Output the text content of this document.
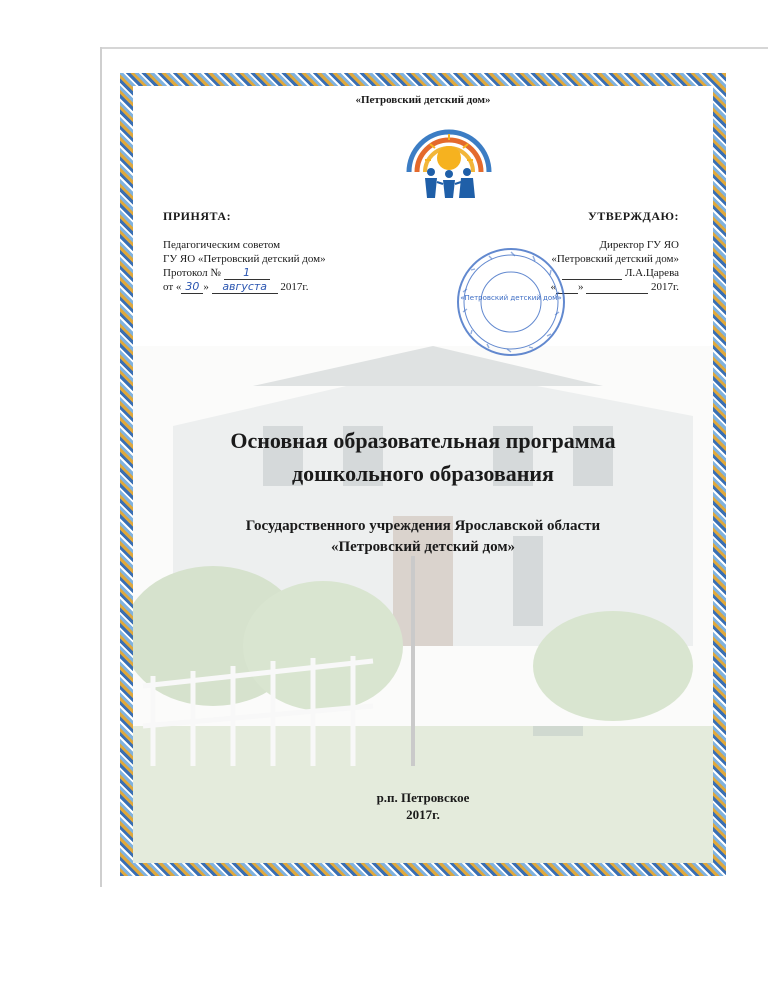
«Петровский детский дом»
ПРИНЯТА:	УТВЕРЖДАЮ:
Педагогическим советом
ГУ ЯО «Петровский детский дом»
Протокол № 1
от « 30 » августа 2017г.
Директор ГУ ЯО
«Петровский детский дом»
Л.А.Царева
« »	2017г.
«Петровский детский дом»
Основная образовательная программа
дошкольного образования
Государственного учреждения Ярославской области
«Петровский детский дом»
р.п. Петровское
2017г.
